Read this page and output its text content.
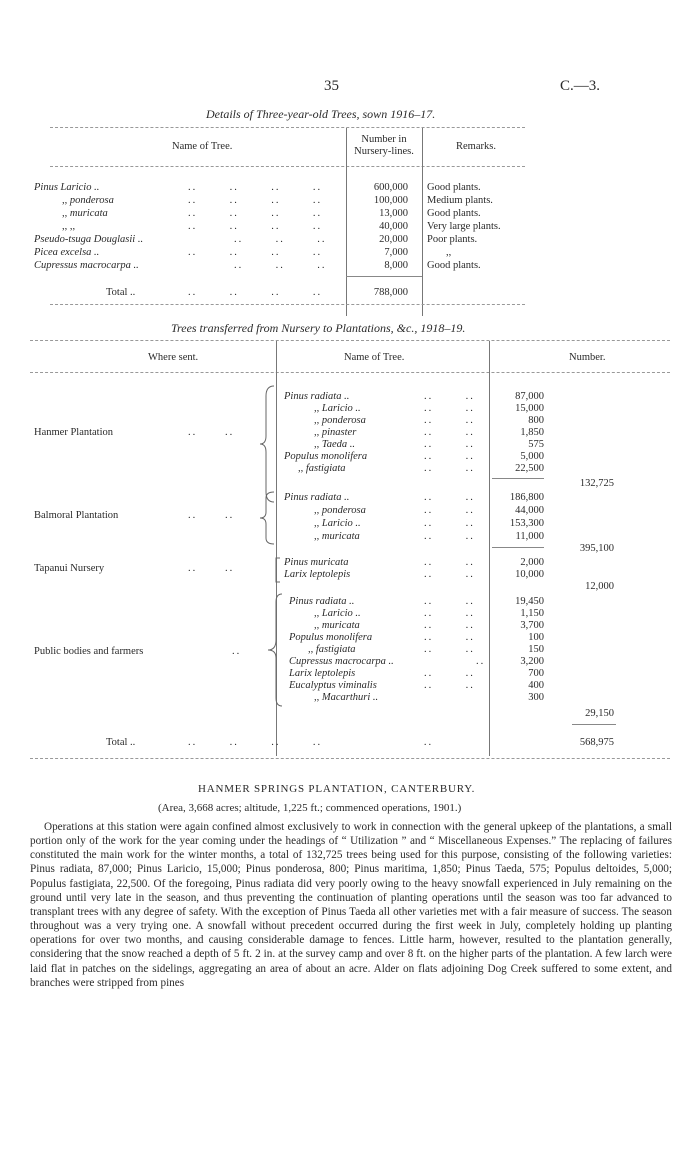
35	C.—3.
Details of Three-year-old Trees, sown 1916–17.
Name of Tree.
Number in
Nursery-lines.	Remarks.
Pinus Laricio ..	..       ..       ..       ..	600,000 Good plants.
,, ponderosa	..       ..       ..       ..	100,000 Medium plants.
,, muricata	..       ..       ..       ..	13,000 Good plants.
,, ,,	..       ..       ..       ..	40,000 Very large plants.
Pseudo-tsuga Douglasii ..	..       ..       ..	20,000 Poor plants.
Picea excelsa ..	..       ..       ..       ..	7,000	,,
Cupressus macrocarpa ..	..       ..       ..	8,000 Good plants.
Total ..	..       ..       ..       ..	788,000
Trees transferred from Nursery to Plantations, &c., 1918–19.
Where sent.	Name of Tree.	Number.
Hanmer Plantation	..      ..
Pinus radiata ..	..       ..	87,000
,, Laricio ..	..       ..	15,000
,, ponderosa	..       ..	800
,, pinaster	..       ..	1,850
,, Taeda ..	..       ..	575
Populus monolifera	..       ..	5,000
,, fastigiata	..       ..	22,500
132,725
Balmoral Plantation	..      ..
Pinus radiata ..	..       ..	186,800
,, ponderosa	..       ..	44,000
,, Laricio ..	..       ..	153,300
,, muricata	..       ..	11,000
395,100
Tapanui Nursery	..      ..
Pinus muricata	..       ..	2,000
Larix leptolepis	..       ..	10,000
12,000
Public bodies and farmers	..
Pinus radiata ..	..       ..	19,450
,, Laricio ..	..       ..	1,150
,, muricata	..       ..	3,700
Populus monolifera	..       ..	100
,, fastigiata	..       ..	150
Cupressus macrocarpa ..	..	3,200
Larix leptolepis	..       ..	700
Eucalyptus viminalis	..       ..	400
,, Macarthuri ..	300
29,150
Total ..	..       ..       ..       ..                      ..	568,975
HANMER SPRINGS PLANTATION, CANTERBURY.
(Area, 3,668 acres; altitude, 1,225 ft.; commenced operations, 1901.)
Operations at this station were again confined almost exclusively to work in connection with the general upkeep of the plantations, a small portion only of the work for the year coming under the headings of “ Utilization ” and “ Miscellaneous Expenses.” The replacing of failures constituted the main work for the winter months, a total of 132,725 trees being used for this purpose, consisting of the following varieties: Pinus radiata, 87,000; Pinus Laricio, 15,000; Pinus ponderosa, 800; Pinus maritima, 1,850; Pinus Taeda, 575; Populus deltoides, 5,000; Populus fastigiata, 22,500. Of the foregoing, Pinus radiata did very poorly owing to the heavy snowfall experienced in July remaining on the ground until very late in the season, and thus preventing the continuation of planting operations until the season was too far advanced to transplant trees with any degree of safety. With the exception of Pinus Taeda all other varieties met with a fair measure of success. The season throughout was a very trying one. A snowfall without precedent occurred during the first week in July, completely holding up planting operations for over two months, and causing considerable damage to fences. Little harm, however, resulted to the plantation generally, considering that the snow reached a depth of 5 ft. 2 in. at the survey camp and over 8 ft. on the higher parts of the plantation. A few larch were laid flat in patches on the sidelings, aggregating an area of about an acre. Alder on flats adjoining Dog Creek suffered to some extent, and branches were stripped from pines
